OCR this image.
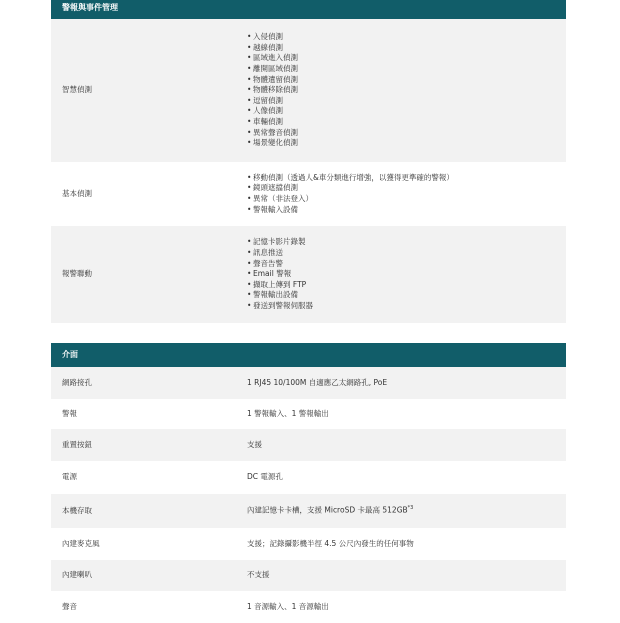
警報與事件管理
智慧偵測
• 入侵偵測
• 越線偵測
• 區域進入偵測
• 離開區域偵測
• 物體遺留偵測
• 物體移除偵測
• 逗留偵測
• 人像偵測
• 車輛偵測
• 異常聲音偵測
• 場景變化偵測
基本偵測
• 移動偵測（透過人&車分類進行增強，以獲得更準確的警報）
• 鏡頭遮擋偵測
• 異常（非法登入）
• 警報輸入設備
報警聯動
• 記憶卡影片錄製
• 訊息推送
• 聲音告警
• Email 警報
• 擷取上傳到 FTP
• 警報輸出設備
• 發送到警報伺服器
介面
網路接孔	1 RJ45 10/100M 自適應乙太網路孔, PoE
警報	1 警報輸入、1 警報輸出
重置按鈕	支援
電源	DC 電源孔
本機存取	內建記憶卡卡槽，支援 MicroSD 卡最高 512GB$^{*3}$
內建麥克風	支援；記錄攝影機半徑 4.5 公尺內發生的任何事物
內建喇叭	不支援
聲音	1 音源輸入、1 音源輸出
